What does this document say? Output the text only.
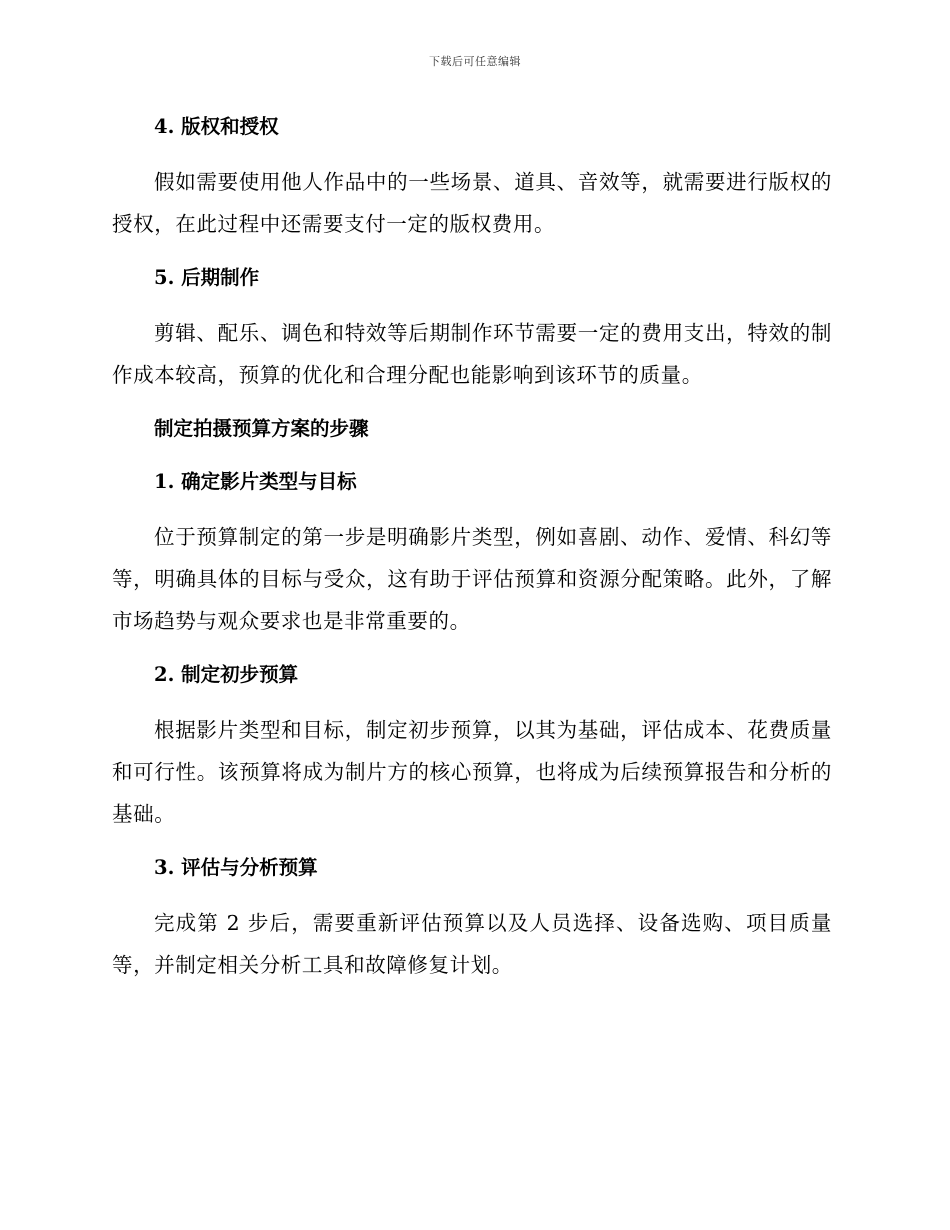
下载后可任意编辑
4. 版权和授权

假如需要使用他人作品中的一些场景、道具、音效等，就需要进行版权的授权，在此过程中还需要支付一定的版权费用。

5. 后期制作

剪辑、配乐、调色和特效等后期制作环节需要一定的费用支出，特效的制作成本较高，预算的优化和合理分配也能影响到该环节的质量。

制定拍摄预算方案的步骤
1. 确定影片类型与目标

位于预算制定的第一步是明确影片类型，例如喜剧、动作、爱情、科幻等等，明确具体的目标与受众，这有助于评估预算和资源分配策略。此外，了解市场趋势与观众要求也是非常重要的。

2. 制定初步预算

根据影片类型和目标，制定初步预算，以其为基础，评估成本、花费质量和可行性。该预算将成为制片方的核心预算，也将成为后续预算报告和分析的基础。

3. 评估与分析预算

完成第 2 步后，需要重新评估预算以及人员选择、设备选购、项目质量等，并制定相关分析工具和故障修复计划。
